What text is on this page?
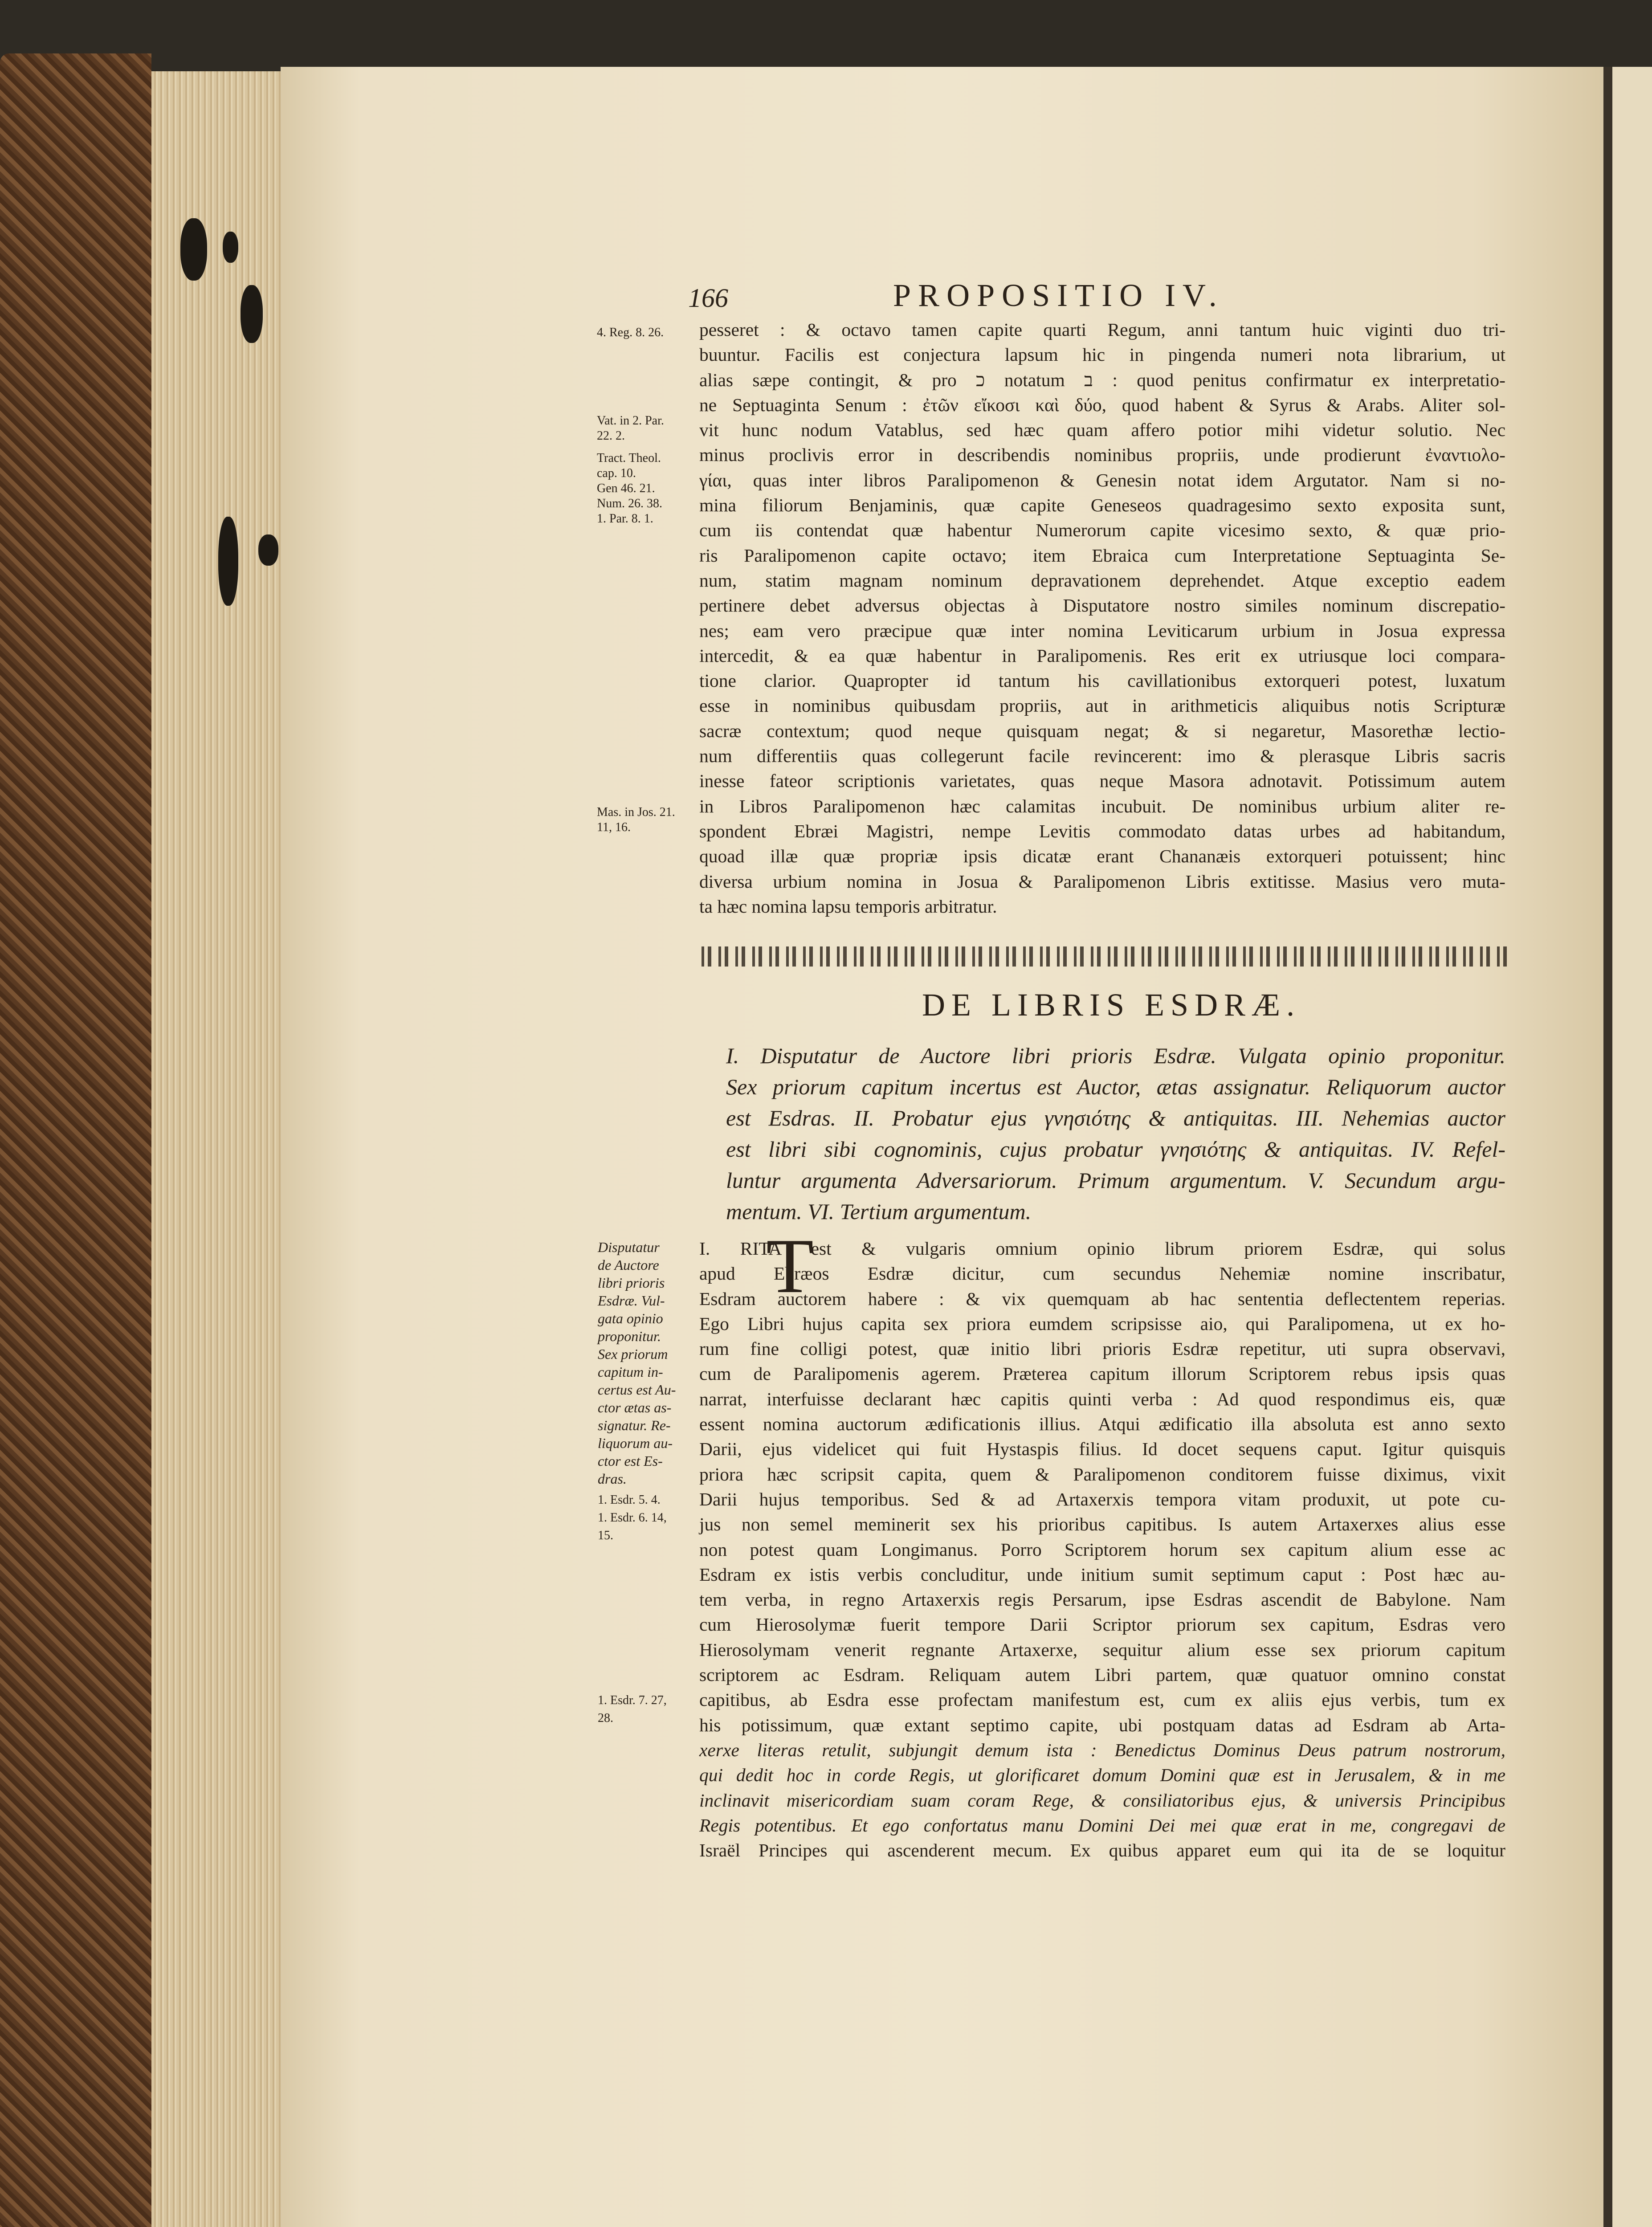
166	PROPOSITIO IV.
4. Reg. 8. 26.
Vat. in 2. Par.
22. 2.
Tract. Theol.
cap. 10.
Gen 46. 21.
Num. 26. 38.
1. Par. 8. 1.
Mas. in Jos. 21.
11, 16.
pesseret : & octavo tamen capite quarti Regum, anni tantum huic viginti duo tri-
buuntur. Facilis est conjectura lapsum hic in pingenda numeri nota librarium, ut
alias sæpe contingit, & pro כ notatum ב : quod penitus confirmatur ex interpretatio-
ne Septuaginta Senum : ἐτῶν εἴκοσι καὶ δύο, quod habent & Syrus & Arabs. Aliter sol-
vit hunc nodum Vatablus, sed hæc quam affero potior mihi videtur solutio. Nec
minus proclivis error in describendis nominibus propriis, unde prodierunt ἐναντιολο-
γίαι, quas inter libros Paralipomenon & Genesin notat idem Argutator. Nam si no-
mina filiorum Benjaminis, quæ capite Geneseos quadragesimo sexto exposita sunt,
cum iis contendat quæ habentur Numerorum capite vicesimo sexto, & quæ prio-
ris Paralipomenon capite octavo; item Ebraica cum Interpretatione Septuaginta Se-
num, statim magnam nominum depravationem deprehendet. Atque exceptio eadem
pertinere debet adversus objectas à Disputatore nostro similes nominum discrepatio-
nes; eam vero præcipue quæ inter nomina Leviticarum urbium in Josua expressa
intercedit, & ea quæ habentur in Paralipomenis. Res erit ex utriusque loci compara-
tione clarior. Quapropter id tantum his cavillationibus extorqueri potest, luxatum
esse in nominibus quibusdam propriis, aut in arithmeticis aliquibus notis Scripturæ
sacræ contextum; quod neque quisquam negat; & si negaretur, Masorethæ lectio-
num differentiis quas collegerunt facile revincerent: imo & plerasque Libris sacris
inesse fateor scriptionis varietates, quas neque Masora adnotavit. Potissimum autem
in Libros Paralipomenon hæc calamitas incubuit. De nominibus urbium aliter re-
spondent Ebræi Magistri, nempe Levitis commodato datas urbes ad habitandum,
quoad illæ quæ propriæ ipsis dicatæ erant Chananæis extorqueri potuissent; hinc
diversa urbium nomina in Josua & Paralipomenon Libris extitisse. Masius vero muta-
ta hæc nomina lapsu temporis arbitratur.
DE LIBRIS ESDRÆ.
I. Disputatur de Auctore libri prioris Esdræ. Vulgata opinio proponitur.
Sex priorum capitum incertus est Auctor, ætas assignatur. Reliquorum auctor
est Esdras. II. Probatur ejus γνησιότης & antiquitas. III. Nehemias auctor
est libri sibi cognominis, cujus probatur γνησιότης & antiquitas. IV. Refel-
luntur argumenta Adversariorum. Primum argumentum. V. Secundum argu-
mentum. VI. Tertium argumentum.
Disputatur
de Auctore
libri prioris
Esdræ. Vul-
gata opinio
proponitur.
Sex priorum
capitum in-
certus est Au-
ctor ætas as-
signatur. Re-
liquorum au-
ctor est Es-
dras.
1. Esdr. 5. 4.
1. Esdr. 6. 14,
15.
1. Esdr. 7. 27,
28.
T
I. RITA est & vulgaris omnium opinio librum priorem Esdræ, qui solus
apud Ebræos Esdræ dicitur, cum secundus Nehemiæ nomine inscribatur,
Esdram auctorem habere : & vix quemquam ab hac sententia deflectentem reperias.
Ego Libri hujus capita sex priora eumdem scripsisse aio, qui Paralipomena, ut ex ho-
rum fine colligi potest, quæ initio libri prioris Esdræ repetitur, uti supra observavi,
cum de Paralipomenis agerem. Præterea capitum illorum Scriptorem rebus ipsis quas
narrat, interfuisse declarant hæc capitis quinti verba : Ad quod respondimus eis, quæ
essent nomina auctorum ædificationis illius. Atqui ædificatio illa absoluta est anno sexto
Darii, ejus videlicet qui fuit Hystaspis filius. Id docet sequens caput. Igitur quisquis
priora hæc scripsit capita, quem & Paralipomenon conditorem fuisse diximus, vixit
Darii hujus temporibus. Sed & ad Artaxerxis tempora vitam produxit, ut pote cu-
jus non semel meminerit sex his prioribus capitibus. Is autem Artaxerxes alius esse
non potest quam Longimanus. Porro Scriptorem horum sex capitum alium esse ac
Esdram ex istis verbis concluditur, unde initium sumit septimum caput : Post hæc au-
tem verba, in regno Artaxerxis regis Persarum, ipse Esdras ascendit de Babylone. Nam
cum Hierosolymæ fuerit tempore Darii Scriptor priorum sex capitum, Esdras vero
Hierosolymam venerit regnante Artaxerxe, sequitur alium esse sex priorum capitum
scriptorem ac Esdram. Reliquam autem Libri partem, quæ quatuor omnino constat
capitibus, ab Esdra esse profectam manifestum est, cum ex aliis ejus verbis, tum ex
his potissimum, quæ extant septimo capite, ubi postquam datas ad Esdram ab Arta-
xerxe literas retulit, subjungit demum ista : Benedictus Dominus Deus patrum nostrorum,
qui dedit hoc in corde Regis, ut glorificaret domum Domini quæ est in Jerusalem, & in me
inclinavit misericordiam suam coram Rege, & consiliatoribus ejus, & universis Principibus
Regis potentibus. Et ego confortatus manu Domini Dei mei quæ erat in me, congregavi de
Israël Principes qui ascenderent mecum. Ex quibus apparet eum qui ita de se loquitur
